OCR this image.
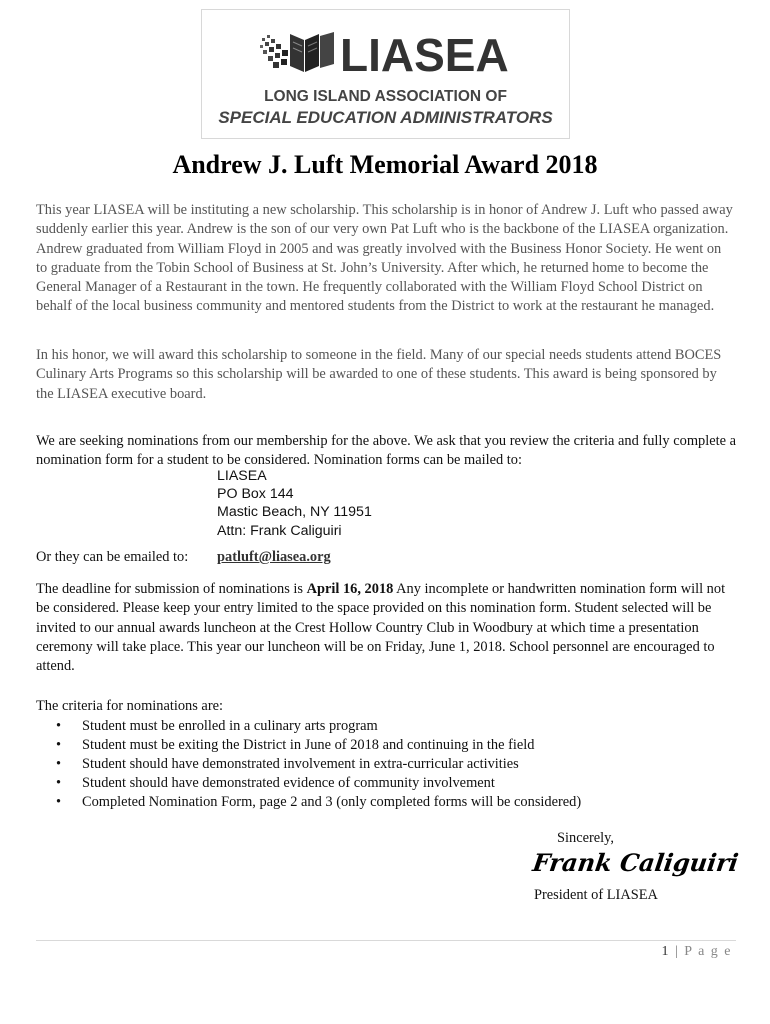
LIASEA
LONG ISLAND ASSOCIATION OF
SPECIAL EDUCATION ADMINISTRATORS
Andrew J. Luft Memorial Award 2018

This year LIASEA will be instituting a new scholarship. This scholarship is in honor of Andrew J. Luft who passed away suddenly earlier this year. Andrew is the son of our very own Pat Luft who is the backbone of the LIASEA organization. Andrew graduated from William Floyd in 2005 and was greatly involved with the Business Honor Society. He went on to graduate from the Tobin School of Business at St. John’s University. After which, he returned home to become the General Manager of a Restaurant in the town. He frequently collaborated with the William Floyd School District on behalf of the local business community and mentored students from the District to work at the restaurant he managed.

In his honor, we will award this scholarship to someone in the field. Many of our special needs students attend BOCES Culinary Arts Programs so this scholarship will be awarded to one of these students. This award is being sponsored by the LIASEA executive board.

We are seeking nominations from our membership for the above. We ask that you review the criteria and fully complete a nomination form for a student to be considered. Nomination forms can be mailed to:

LIASEA
PO Box 144
Mastic Beach, NY 11951
Attn: Frank Caliguiri
Or they can be emailed to: patluft@liasea.org

The deadline for submission of nominations is April 16, 2018 Any incomplete or handwritten nomination form will not be considered. Please keep your entry limited to the space provided on this nomination form. Student selected will be invited to our annual awards luncheon at the Crest Hollow Country Club in Woodbury at which time a presentation ceremony will take place. This year our luncheon will be on Friday, June 1, 2018. School personnel are encouraged to attend.

The criteria for nominations are:
• Student must be enrolled in a culinary arts program
• Student must be exiting the District in June of 2018 and continuing in the field
• Student should have demonstrated involvement in extra-curricular activities
• Student should have demonstrated evidence of community involvement
• Completed Nomination Form, page 2 and 3 (only completed forms will be considered)
Sincerely,
Frank Caliguiri
President of LIASEA
1 | P a g e
